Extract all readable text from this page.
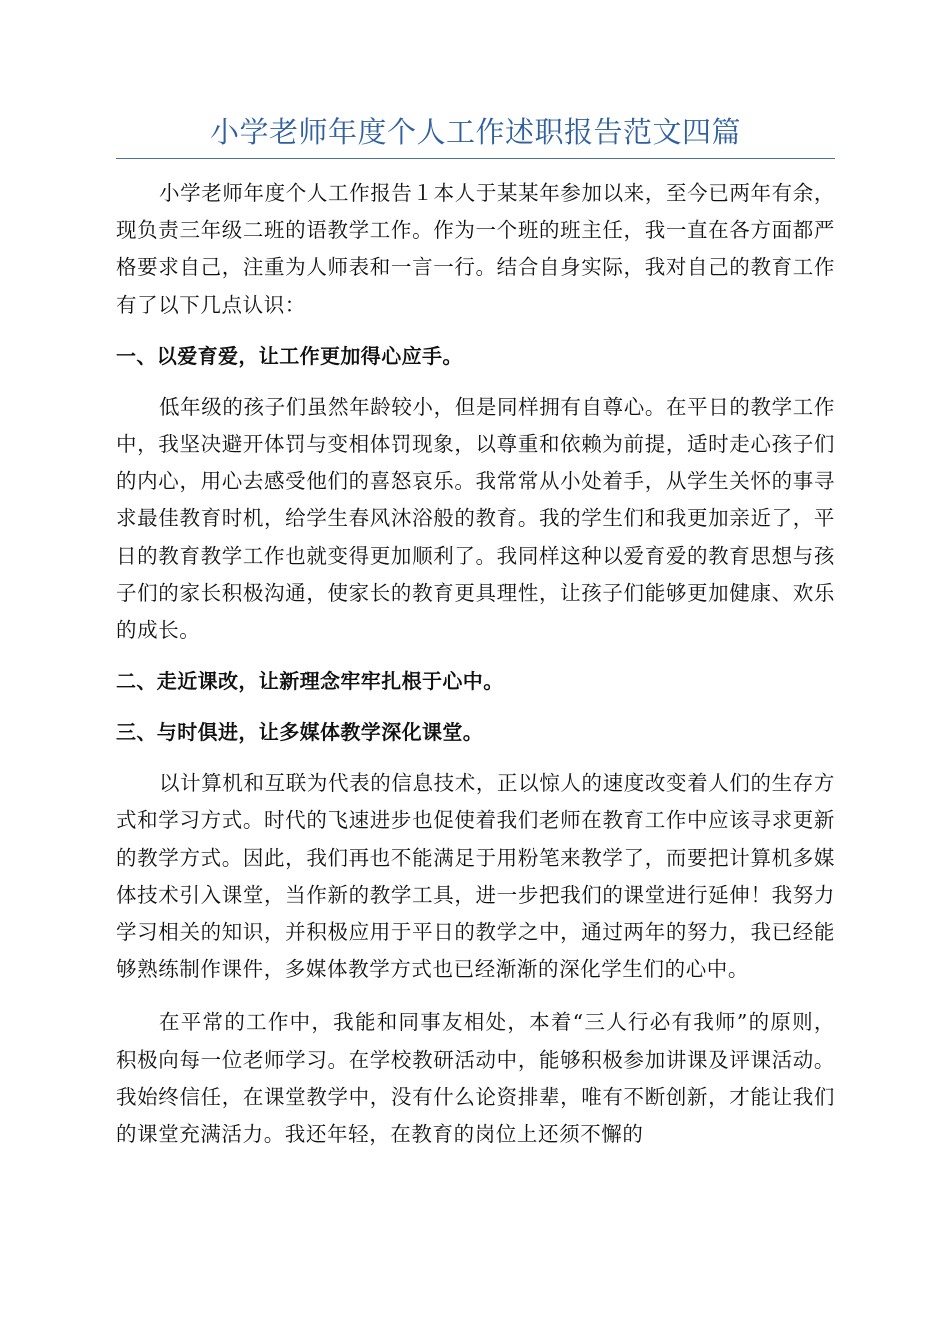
小学老师年度个人工作述职报告范文四篇

小学老师年度个人工作报告１本人于某某年参加以来，至今已两年有余，现负责三年级二班的语教学工作。作为一个班的班主任，我一直在各方面都严格要求自己，注重为人师表和一言一行。结合自身实际，我对自己的教育工作有了以下几点认识：

一、以爱育爱，让工作更加得心应手。

低年级的孩子们虽然年龄较小，但是同样拥有自尊心。在平日的教学工作中，我坚决避开体罚与变相体罚现象，以尊重和依赖为前提，适时走心孩子们的内心，用心去感受他们的喜怒哀乐。我常常从小处着手，从学生关怀的事寻求最佳教育时机，给学生春风沐浴般的教育。我的学生们和我更加亲近了，平日的教育教学工作也就变得更加顺利了。我同样这种以爱育爱的教育思想与孩子们的家长积极沟通，使家长的教育更具理性，让孩子们能够更加健康、欢乐的成长。

二、走近课改，让新理念牢牢扎根于心中。

三、与时俱进，让多媒体教学深化课堂。

以计算机和互联为代表的信息技术，正以惊人的速度改变着人们的生存方式和学习方式。时代的飞速进步也促使着我们老师在教育工作中应该寻求更新的教学方式。因此，我们再也不能满足于用粉笔来教学了，而要把计算机多媒体技术引入课堂，当作新的教学工具，进一步把我们的课堂进行延伸！我努力学习相关的知识，并积极应用于平日的教学之中，通过两年的努力，我已经能够熟练制作课件，多媒体教学方式也已经渐渐的深化学生们的心中。

在平常的工作中，我能和同事友相处，本着“三人行必有我师”的原则，积极向每一位老师学习。在学校教研活动中，能够积极参加讲课及评课活动。我始终信任，在课堂教学中，没有什么论资排辈，唯有不断创新，才能让我们的课堂充满活力。我还年轻，在教育的岗位上还须不懈的
